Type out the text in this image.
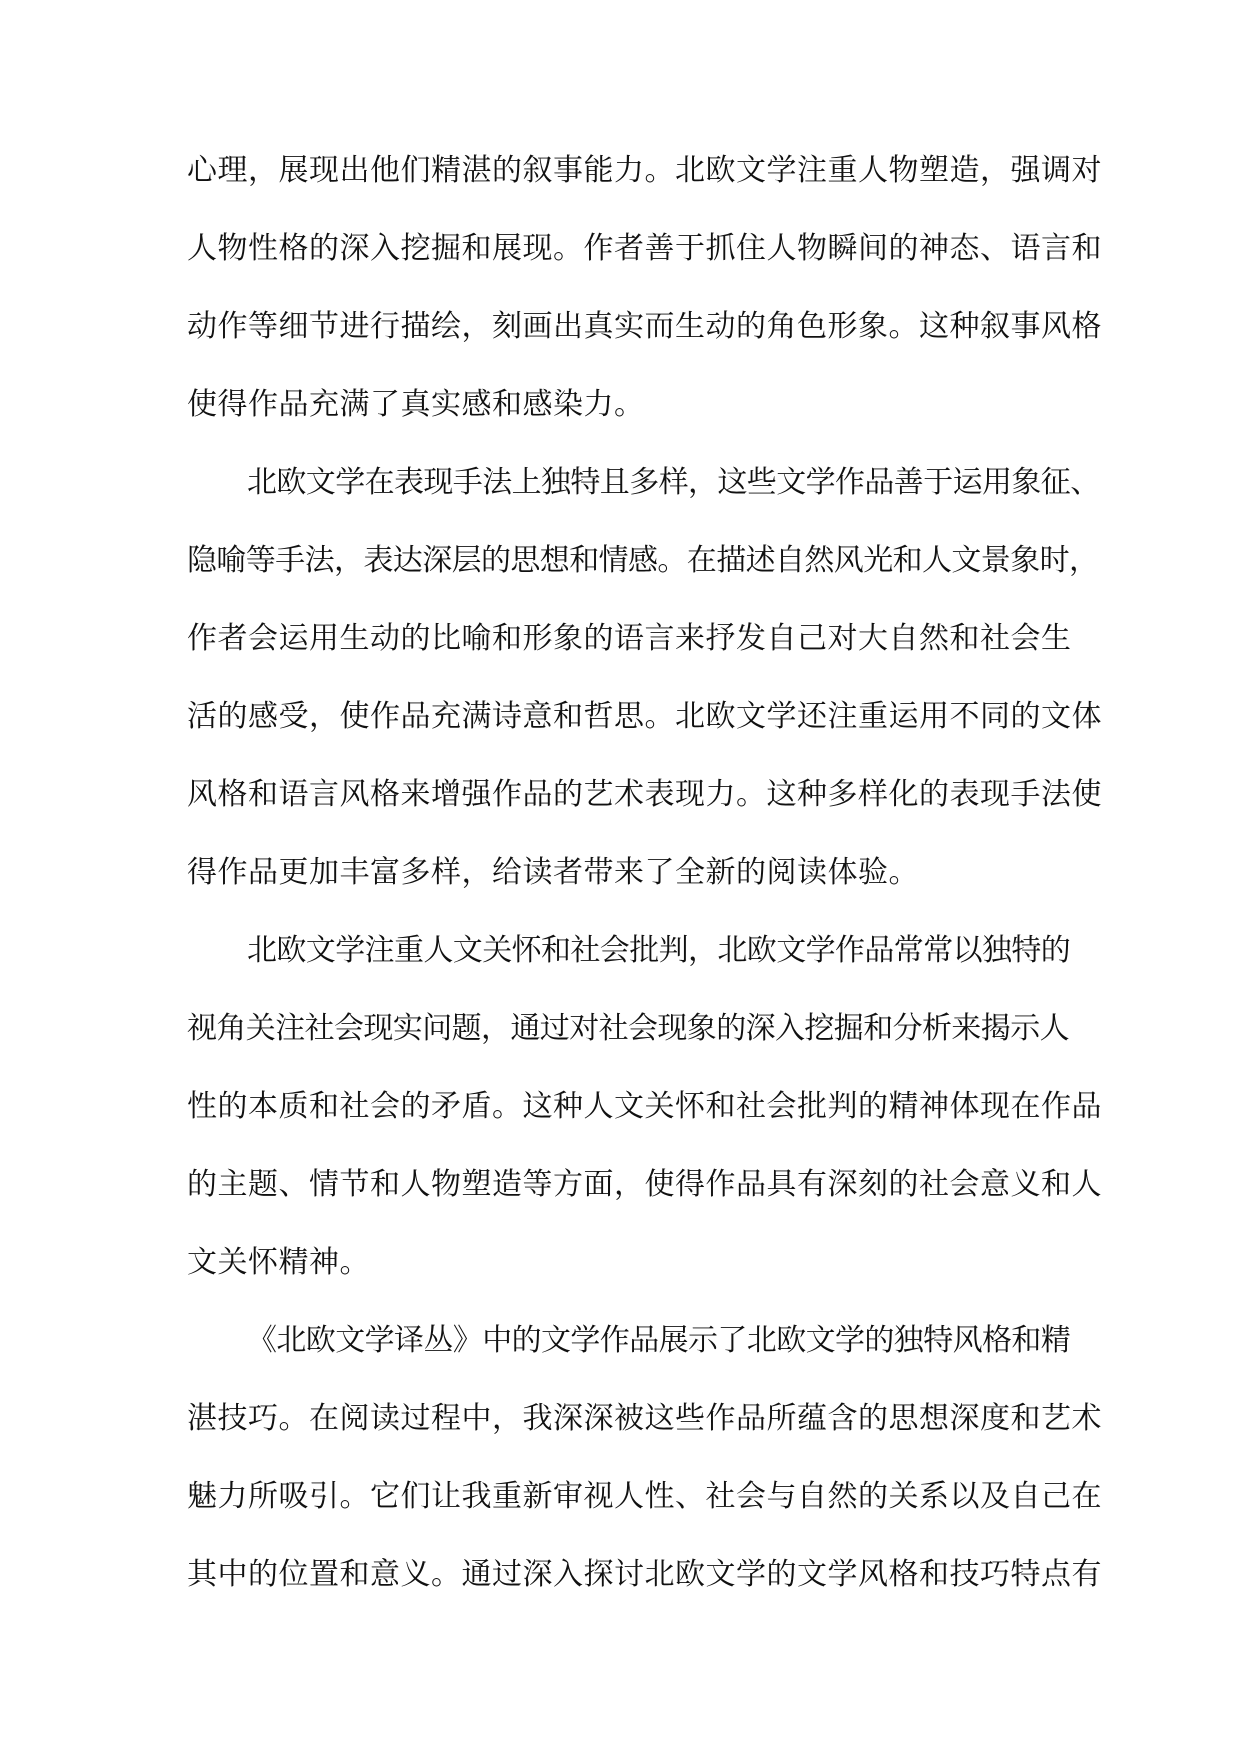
心理，展现出他们精湛的叙事能力。北欧文学注重人物塑造，强调对
人物性格的深入挖掘和展现。作者善于抓住人物瞬间的神态、语言和
动作等细节进行描绘，刻画出真实而生动的角色形象。这种叙事风格
使得作品充满了真实感和感染力。
北欧文学在表现手法上独特且多样，这些文学作品善于运用象征、
隐喻等手法，表达深层的思想和情感。在描述自然风光和人文景象时，
作者会运用生动的比喻和形象的语言来抒发自己对大自然和社会生
活的感受，使作品充满诗意和哲思。北欧文学还注重运用不同的文体
风格和语言风格来增强作品的艺术表现力。这种多样化的表现手法使
得作品更加丰富多样，给读者带来了全新的阅读体验。
北欧文学注重人文关怀和社会批判，北欧文学作品常常以独特的
视角关注社会现实问题，通过对社会现象的深入挖掘和分析来揭示人
性的本质和社会的矛盾。这种人文关怀和社会批判的精神体现在作品
的主题、情节和人物塑造等方面，使得作品具有深刻的社会意义和人
文关怀精神。
《北欧文学译丛》中的文学作品展示了北欧文学的独特风格和精
湛技巧。在阅读过程中，我深深被这些作品所蕴含的思想深度和艺术
魅力所吸引。它们让我重新审视人性、社会与自然的关系以及自己在
其中的位置和意义。通过深入探讨北欧文学的文学风格和技巧特点有
